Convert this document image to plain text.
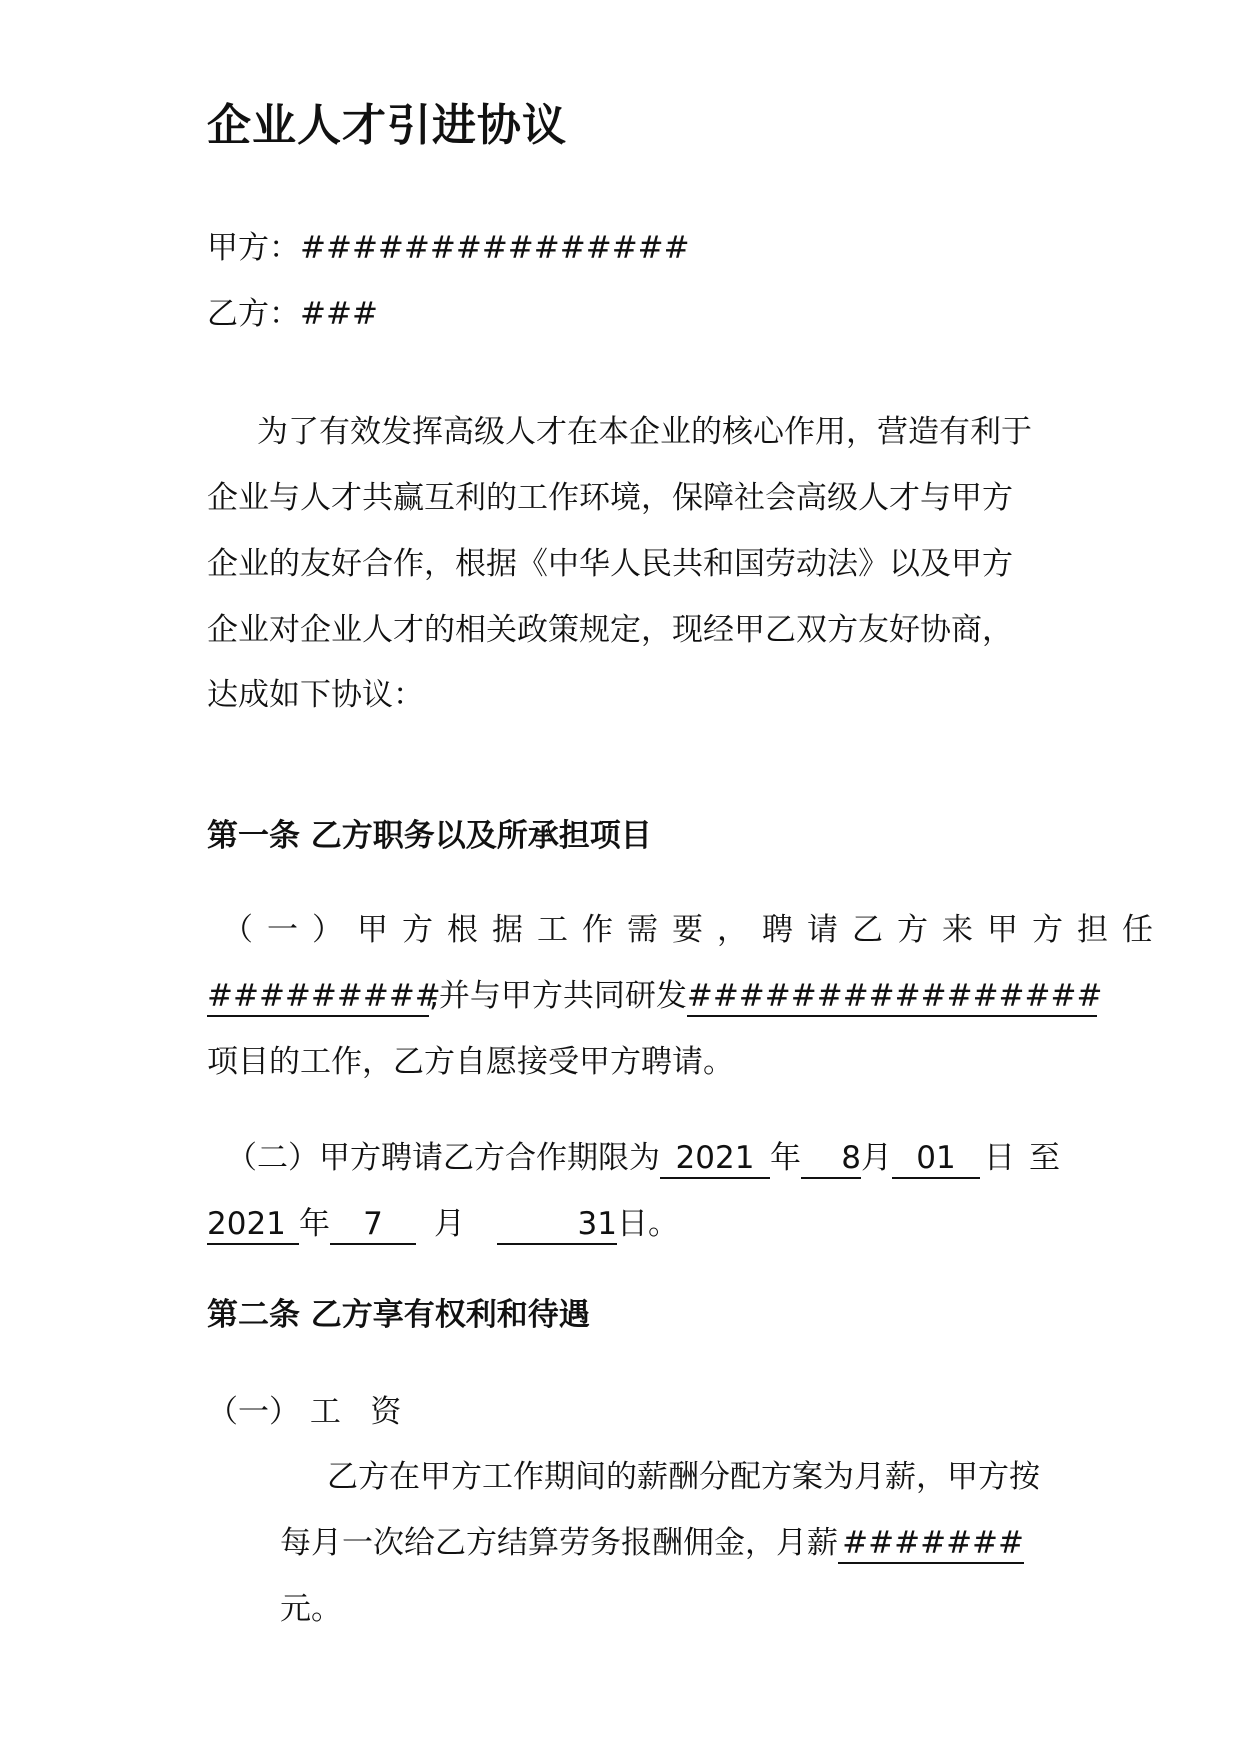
企业人才引进协议
甲方：###############
乙方：###
为了有效发挥高级人才在本企业的核心作用，营造有利于
企业与人才共赢互利的工作环境，保障社会高级人才与甲方
企业的友好合作，根据《中华人民共和国劳动法》以及甲方
企业对企业人才的相关政策规定，现经甲乙双方友好协商，
达成如下协议：
第一条 乙方职务以及所承担项目
（一）甲方根据工作需要，聘请乙方来甲方担任
#########,并与甲方共同研发################
项目的工作，乙方自愿接受甲方聘请。
（二）甲方聘请乙方合作期限为 2021 年 8月 01 日 至
2021 年 7 月	31日。
第二条 乙方享有权利和待遇
（一） 工   资
乙方在甲方工作期间的薪酬分配方案为月薪，甲方按
每月一次给乙方结算劳务报酬佣金，月薪 #######
元。
